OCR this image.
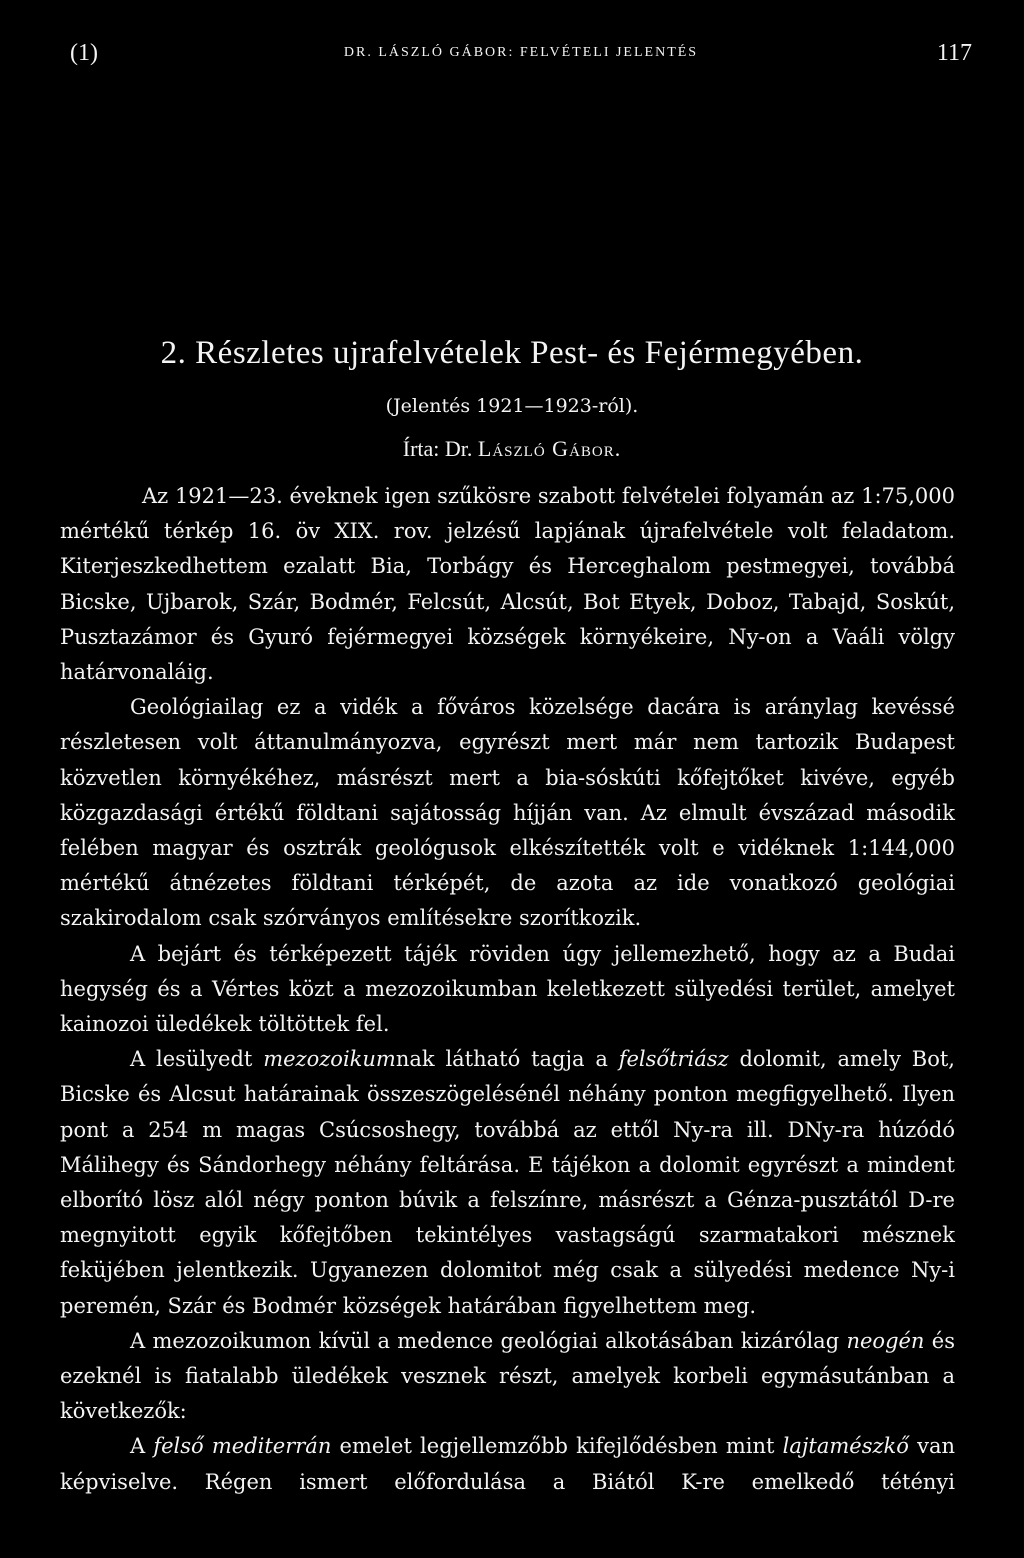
(1)	DR. LÁSZLÓ GÁBOR: FELVÉTELI JELENTÉS	117
2. Részletes ujrafelvételek Pest- és Fejérmegyében.
(Jelentés 1921—1923-ról).
Írta: Dr. László Gábor.

Az 1921—23. éveknek igen szűkösre szabott felvételei folyamán az 1:75,000 mértékű térkép 16. öv XIX. rov. jelzésű lapjának újrafelvétele volt feladatom. Kiterjeszkedhettem ezalatt Bia, Torbágy és Herceghalom pestmegyei, továbbá Bicske, Ujbarok, Szár, Bodmér, Felcsút, Alcsút, Bot Etyek, Doboz, Tabajd, Soskút, Pusztazámor és Gyuró fejérmegyei községek környékeire, Ny-on a Vaáli völgy határvonaláig.

Geológiailag ez a vidék a főváros közelsége dacára is aránylag kevéssé részletesen volt áttanulmányozva, egyrészt mert már nem tartozik Budapest közvetlen környékéhez, másrészt mert a bia-sóskúti kőfejtőket kivéve, egyéb közgazdasági értékű földtani sajátosság híjján van. Az elmult évszázad második felében magyar és osztrák geológusok elkészítették volt e vidéknek 1:144,000 mértékű átnézetes földtani térképét, de azota az ide vonatkozó geológiai szakirodalom csak szórványos említésekre szorítkozik.

A bejárt és térképezett tájék röviden úgy jellemezhető, hogy az a Budai hegység és a Vértes közt a mezozoikumban keletkezett sülyedési terület, amelyet kainozoi üledékek töltöttek fel.

A lesülyedt mezozoikumnak látható tagja a felsőtriász dolomit, amely Bot, Bicske és Alcsut határainak összeszögelésénél néhány ponton megfigyelhető. Ilyen pont a 254 m magas Csúcsoshegy, továbbá az ettől Ny-ra ill. DNy-ra húzódó Málihegy és Sándorhegy néhány feltárása. E tájékon a dolomit egyrészt a mindent elborító lösz alól négy ponton búvik a felszínre, másrészt a Génza-pusztától D-re megnyitott egyik kőfejtőben tekintélyes vastagságú szarmatakori mésznek feküjében jelentkezik. Ugyanezen dolomitot még csak a sülyedési medence Ny-i peremén, Szár és Bodmér községek határában figyelhettem meg.

A mezozoikumon kívül a medence geológiai alkotásában kizárólag neogén és ezeknél is fiatalabb üledékek vesznek részt, amelyek korbeli egymásutánban a következők:

A felső mediterrán emelet legjellemzőbb kifejlődésben mint lajtamészkő van képviselve. Régen ismert előfordulása a Biától K-re emelkedő tétényi
